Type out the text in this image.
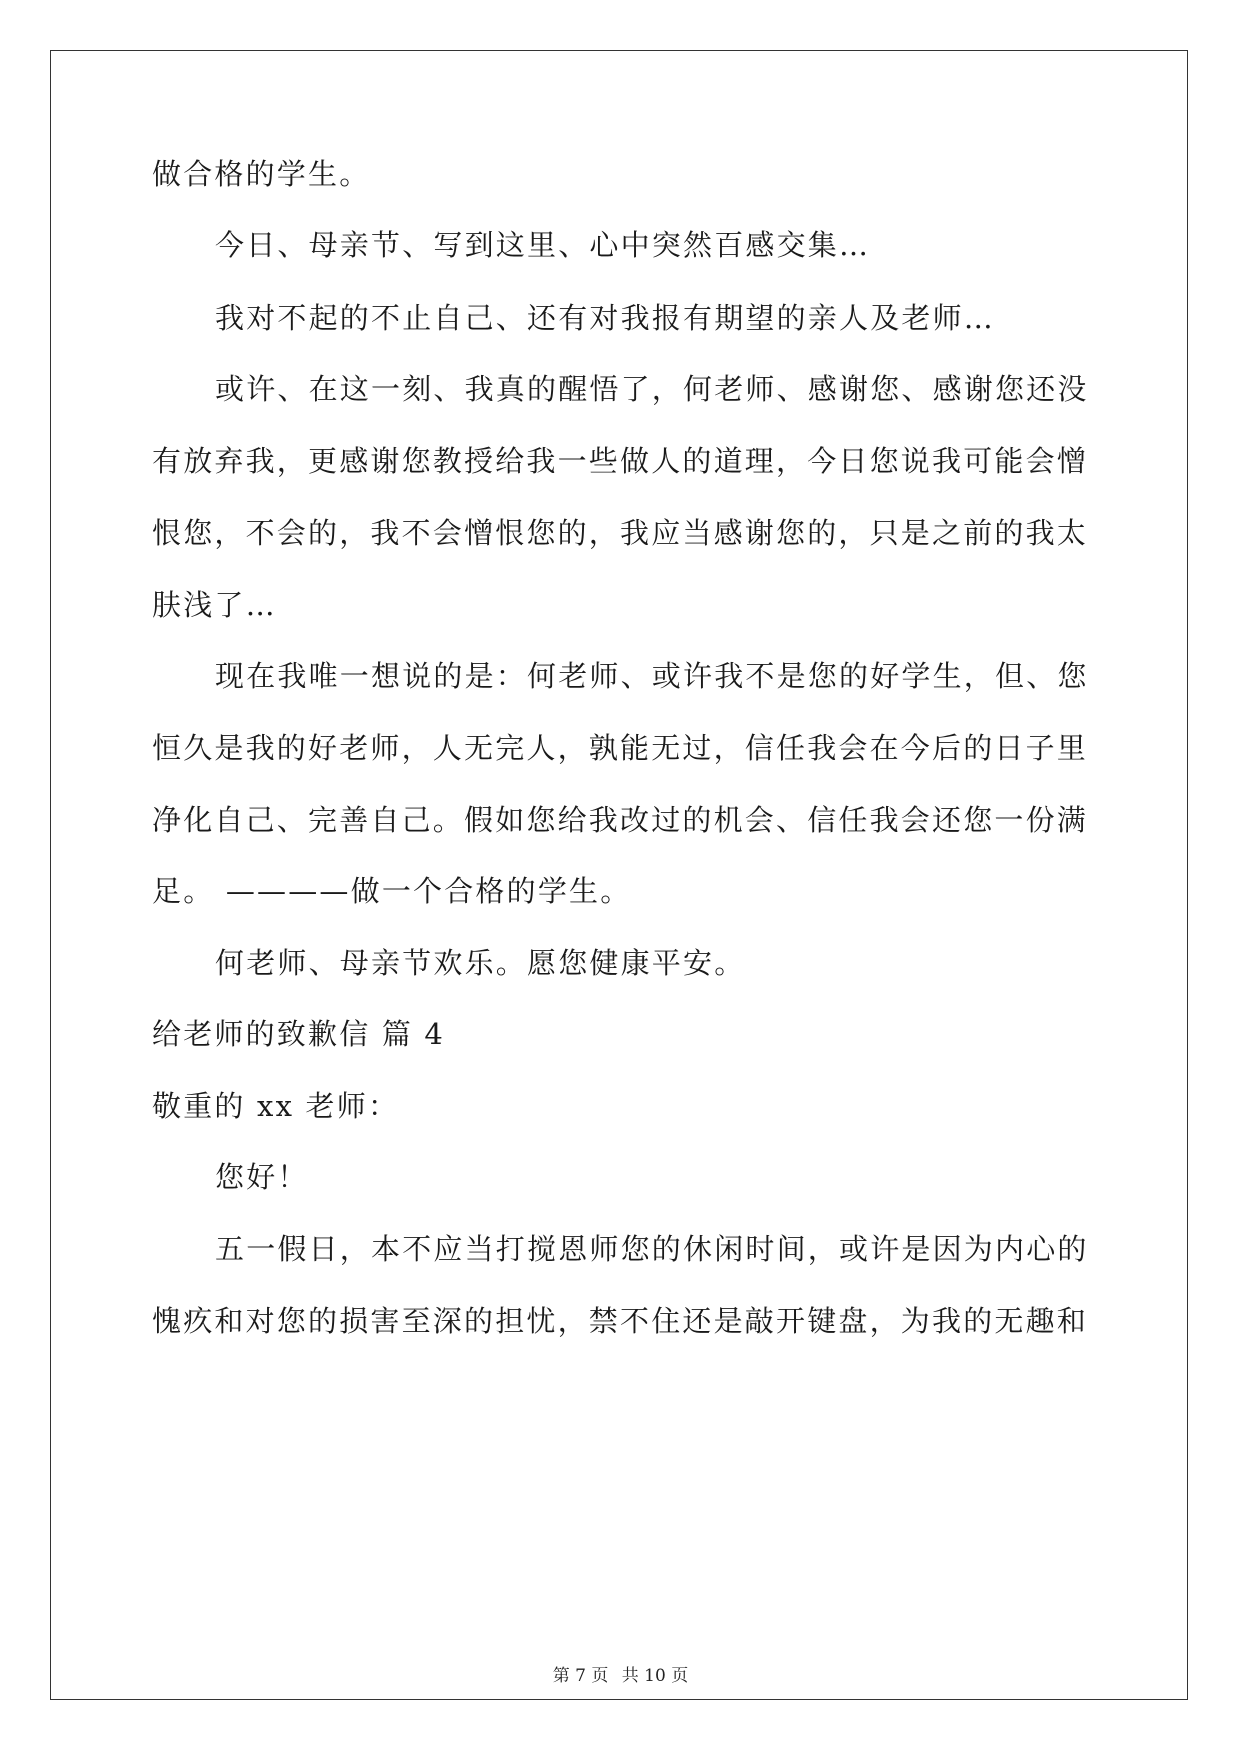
做合格的学生。
今日、母亲节、写到这里、心中突然百感交集…
我对不起的不止自己、还有对我报有期望的亲人及老师…
或许、在这一刻、我真的醒悟了，何老师、感谢您、感谢您还没
有放弃我，更感谢您教授给我一些做人的道理，今日您说我可能会憎
恨您，不会的，我不会憎恨您的，我应当感谢您的，只是之前的我太
肤浅了…
现在我唯一想说的是：何老师、或许我不是您的好学生，但、您
恒久是我的好老师，人无完人，孰能无过，信任我会在今后的日子里
净化自己、完善自己。假如您给我改过的机会、信任我会还您一份满
足。 ————做一个合格的学生。
何老师、母亲节欢乐。愿您健康平安。
给老师的致歉信 篇 4
敬重的 xx 老师：
您好！
五一假日，本不应当打搅恩师您的休闲时间，或许是因为内心的
愧疚和对您的损害至深的担忧，禁不住还是敲开键盘，为我的无趣和
第 7 页 共 10 页
